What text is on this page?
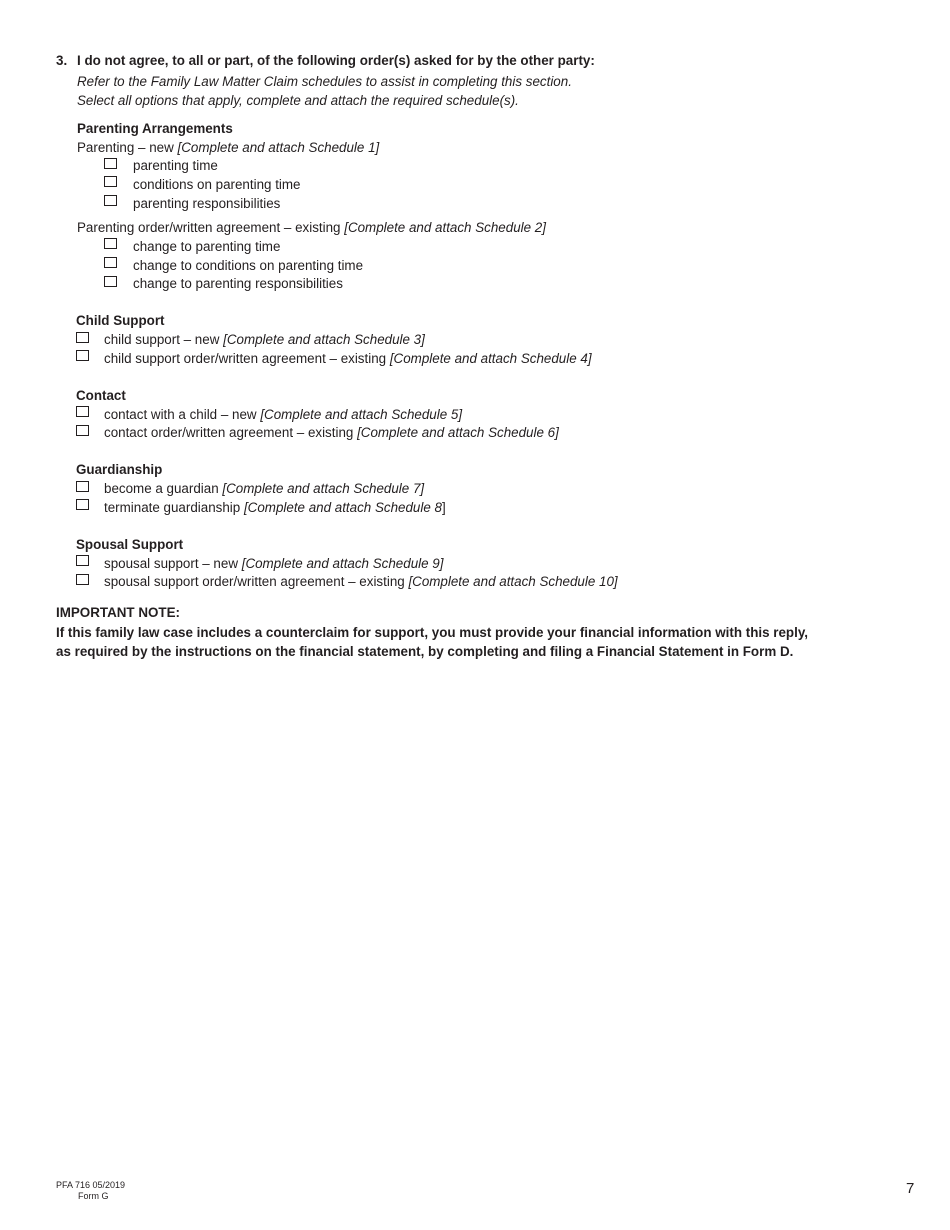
3. I do not agree, to all or part, of the following order(s) asked for by the other party:
Refer to the Family Law Matter Claim schedules to assist in completing this section.
Select all options that apply, complete and attach the required schedule(s).
Parenting Arrangements
Parenting – new [Complete and attach Schedule 1]
parenting time
conditions on parenting time
parenting responsibilities
Parenting order/written agreement – existing [Complete and attach Schedule 2]
change to parenting time
change to conditions on parenting time
change to parenting responsibilities
Child Support
child support – new [Complete and attach Schedule 3]
child support order/written agreement – existing [Complete and attach Schedule 4]
Contact
contact with a child – new [Complete and attach Schedule 5]
contact order/written agreement – existing [Complete and attach Schedule 6]
Guardianship
become a guardian [Complete and attach Schedule 7]
terminate guardianship [Complete and attach Schedule 8]
Spousal Support
spousal support – new [Complete and attach Schedule 9]
spousal support order/written agreement – existing [Complete and attach Schedule 10]
IMPORTANT NOTE:
If this family law case includes a counterclaim for support, you must provide your financial information with this reply,
as required by the instructions on the financial statement, by completing and filing a Financial Statement in Form D.
PFA 716 05/2019
Form G	7
